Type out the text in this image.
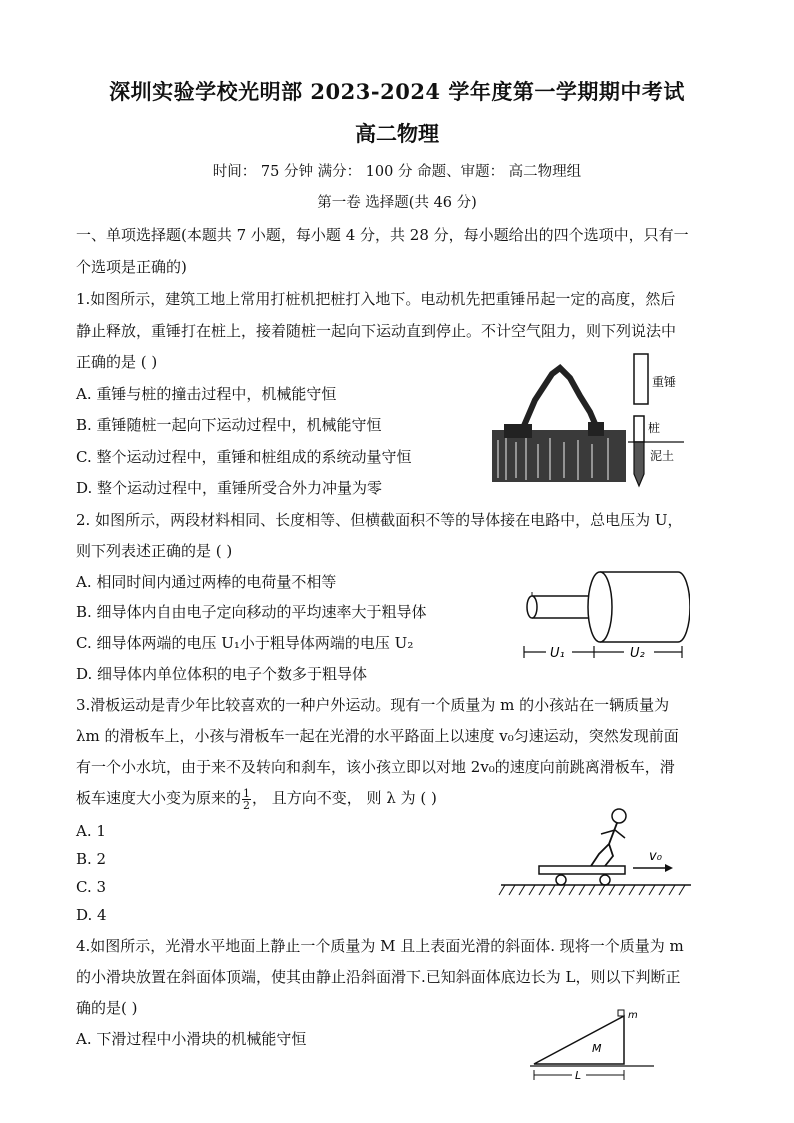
深圳实验学校光明部 2023-2024 学年度第一学期期中考试
高二物理
时间： 75 分钟 满分： 100 分 命题、审题： 高二物理组
第一卷 选择题(共 46 分)
一、单项选择题(本题共 7 小题，每小题 4 分，共 28 分，每小题给出的四个选项中，只有一
个选项是正确的)
1.如图所示，建筑工地上常用打桩机把桩打入地下。电动机先把重锤吊起一定的高度，然后
静止释放，重锤打在桩上，接着随桩一起向下运动直到停止。不计空气阻力，则下列说法中
正确的是 ( )
A. 重锤与桩的撞击过程中，机械能守恒
B. 重锤随桩一起向下运动过程中，机械能守恒
C. 整个运动过程中，重锤和桩组成的系统动量守恒
D. 整个运动过程中，重锤所受合外力冲量为零
重锤
桩
泥土
2. 如图所示，两段材料相同、长度相等、但横截面积不等的导体接在电路中，总电压为 U，
则下列表述正确的是 ( )
A. 相同时间内通过两棒的电荷量不相等
B. 细导体内自由电子定向移动的平均速率大于粗导体
C. 细导体两端的电压 U₁小于粗导体两端的电压 U₂
D. 细导体内单位体积的电子个数多于粗导体
U₁	U₂
3.滑板运动是青少年比较喜欢的一种户外运动。现有一个质量为 m 的小孩站在一辆质量为
λm 的滑板车上，小孩与滑板车一起在光滑的水平路面上以速度 v₀匀速运动，突然发现前面
有一个小水坑，由于来不及转向和刹车，该小孩立即以对地 2v₀的速度向前跳离滑板车，滑
板车速度大小变为原来的 $\frac{1}{2}$ ， 且方向不变， 则 λ 为 ( )
A. 1
B. 2
C. 3
D. 4
v₀
4.如图所示，光滑水平地面上静止一个质量为 M 且上表面光滑的斜面体. 现将一个质量为 m
的小滑块放置在斜面体顶端，使其由静止沿斜面滑下.已知斜面体底边长为 L，则以下判断正
确的是( )
A. 下滑过程中小滑块的机械能守恒
m
M
L
